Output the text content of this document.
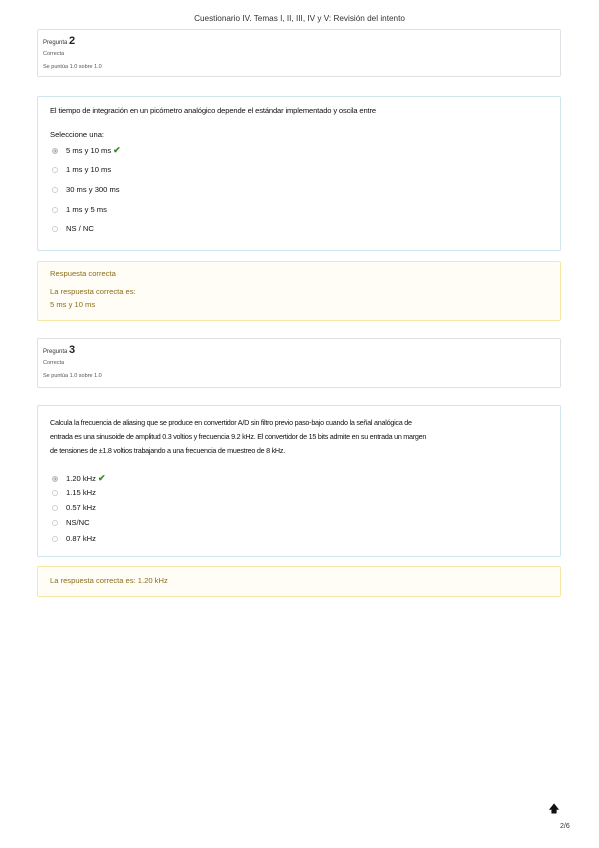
Cuestionario IV. Temas I, II, III, IV y V: Revisión del intento
Pregunta 2
Correcta
Se puntúa 1.0 sobre 1.0
El tiempo de integración en un picómetro analógico depende el estándar implementado y oscila entre
Seleccione una:
5 ms y 10 ms ✔
1 ms y 10 ms
30 ms y 300 ms
1 ms y 5 ms
NS / NC
Respuesta correcta
La respuesta correcta es:
5 ms y 10 ms
Pregunta 3
Correcta
Se puntúa 1.0 sobre 1.0
Calcula la frecuencia de aliasing que se produce en convertidor A/D sin filtro previo paso-bajo cuando la señal analógica de
entrada es una sinusoide de amplitud 0.3 voltios y frecuencia 9.2 kHz. El convertidor de 15 bits admite en su entrada un margen
de tensiones de ±1.8 voltios trabajando a una frecuencia de muestreo de 8 kHz.
1.20 kHz ✔
1.15 kHz
0.57 kHz
NS/NC
0.87 kHz
La respuesta correcta es: 1.20 kHz
🡅
2/6
